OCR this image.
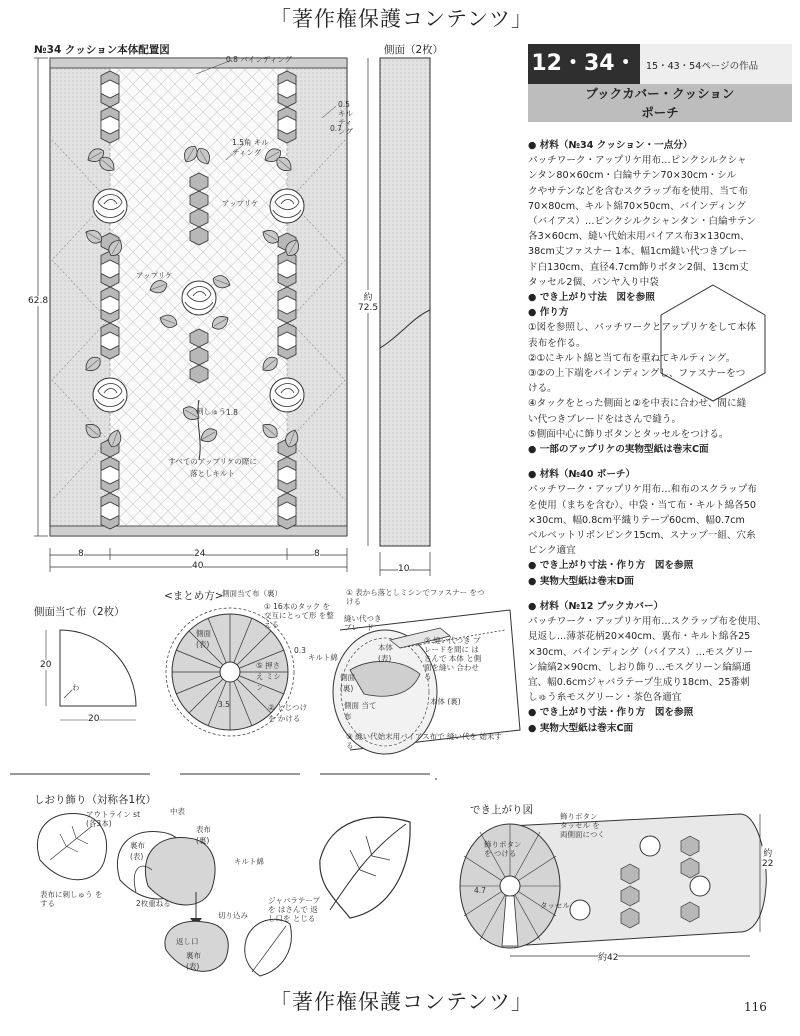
「著作権保護コンテンツ」
「著作権保護コンテンツ」	116
12・34・ 15・43・54ページの作品
ブックカバー・クッション
ポーチ

● 材料（№34 クッション・一点分）

パッチワーク・アップリケ用布…ピンクシルクシャ

ンタン80×60cm・白綸サテン70×30cm・シル

クやサテンなどを含むスクラップ布を使用、当て布

70×80cm、キルト綿70×50cm、バインディング

（バイアス）…ピンクシルクシャンタン・白綸サテン

各3×60cm、縫い代始末用バイアス布3×130cm、

38cm丈ファスナー 1本、幅1cm縫い代つきブレー

ド白130cm、直径4.7cm飾りボタン2個、13cm丈

タッセル2個、パンヤ入り中袋

● でき上がり寸法　図を参照

● 作り方

①図を参照し、パッチワークとアップリケをして本体

表布を作る。

②①にキルト綿と当て布を重ねてキルティング。

③②の上下端をバインディングし、ファスナーをつ

ける。

④タックをとった側面と②を中表に合わせ、間に縫

い代つきブレードをはさんで縫う。

⑤側面中心に飾りボタンとタッセルをつける。

● 一部のアップリケの実物型紙は巻末C面

● 材料（№40 ポーチ）

パッチワーク・アップリケ用布…和布のスクラップ布

を使用（まちを含む）、中袋・当て布・キルト綿各50

×30cm、幅0.8cm平織りテープ60cm、幅0.7cm

ベルベットリボンピンク15cm、スナップ一組、穴糸

ピンク適宜

● でき上がり寸法・作り方　図を参照

● 実物大型紙は巻末D面

● 材料（№12 ブックカバー）

パッチワーク・アップリケ用布…スクラップ布を使用、

見返し…薄茶花柄20×40cm、裏布・キルト綿各25

×30cm、バインディング（バイアス）…モスグリー

ン綸縞2×90cm、しおり飾り…モスグリーン綸縞通

宜、幅0.6cmジャバラテープ生成り18cm、25番刺

しゅう糸モスグリーン・茶色各適宜

● でき上がり寸法・作り方　図を参照

● 実物大型紙は巻末C面

№34 クッション本体配置図	側面（2枚）
0.8 バインディング
0.5 キルティング
0.7
1.5角 キルティング
アップリケ
アップリケ
刺しゅう 1.8
すべてのアップリケの際に
落としキルト
62.8	約
72.5
8	24	8
40	10
側面当て布（2枚）
20
20
わ
<まとめ方>
側面当て布（裏）
① 16本のタック を交互にとって形 を整える
側面 (表)
0.3
⑤ 押さえ ミシン
3.5	② とじつけ を かける
① 表から落としミシンでファスナー をつける
縫い代つきブレード
キルト綿
本体 (表)
② 縫い代つき ブレードを間に はさんで 本体 と側面を縫い 合わせる
側面 (裏)
側面 当て布
本体 (裏)
③ 縫い代始末用バイアス布で 縫い代を 始末する
しおり飾り（対称各1枚）
アウトライン st (各3本)
中表
裏布 (表)
表布 (裏)
キルト綿
表布に刺しゅう をする	2枚重ねる
切り込み
ジャバラテープ を はさんで 返し口を とじる
返し口
裏布 (表)
でき上がり図
飾りボタン を つける
飾りボタン タッセル を 両側面につく
4.7
タッセル
約42
約
22
